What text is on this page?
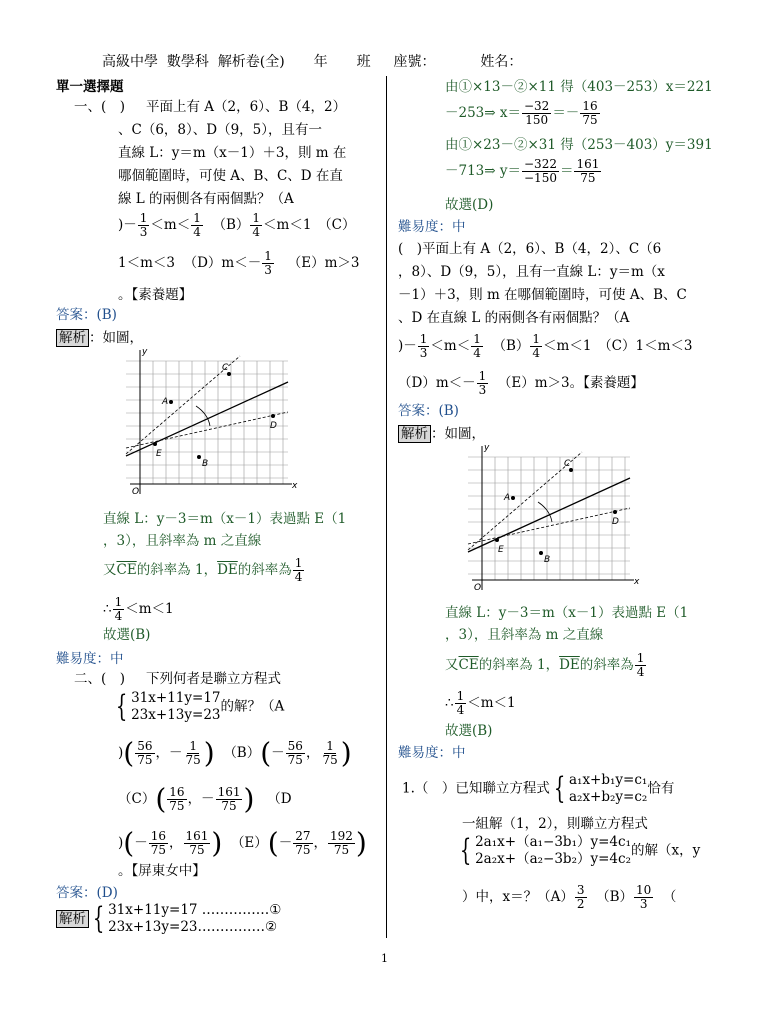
高級中學 數學科 解析卷(全) 年 班 座號：	姓名：
單一選擇題
一、(　) 平面上有 A（2，6）、B（4，2）
、C（6，8）、D（9，5），且有一
直線 L：y＝m（x－1）＋3，則 m 在
哪個範圍時，可使 A、B、C、D 在直
線 L 的兩側各有兩個點？（A
)－ $\frac{1}{3} <m< \frac{1}{4} (B) \frac{1}{4} <m<1$　（C）
1＜m＜3 $(D)m<- \frac{1}{3} (E)m>3$
。【素養題】
答案：(B)
解析 ：如圖，
y
x
O
A
B
C
D
E
直線 L：y－3＝m（x－1）表過點 E（1
，3），且斜率為 m 之直線
又$\overline{CE}$的斜率為 1，$\overline{DE}$的斜率為 $\frac{1}{4}$
∴ $\frac{1}{4} <m<1$
故選(B)
難易度：中
二、(　) 下列何者是聯立方程式
{ 31x+11y=17
23x+13y=23的解？（A
)( $\frac{56}{75}$ ，－ $\frac{1}{75}$ ) $(B)(- \frac{56}{75}$ ， $\frac{1}{75}$ )
$(C)( \frac{16}{75}$ ，－ $\frac{161}{75}$ ) （D
)(－ $\frac{16}{75}$ ， $\frac{161}{75}$ ) $(E)(- \frac{27}{75}$ ， $\frac{192}{75}$ )
。【屏東女中】
答案：(D)
解析 { 31x+11y=17 ……………①
23x+13y=23……………②
由①×13－②×11 得（403－253）x＝221
－253⇒ $x= \frac{-32}{150} =- \frac{16}{75}$
由①×23－②×31 得（253－403）y＝391
－713⇒ $y= \frac{-322}{-150} = \frac{161}{75}$
故選(D)
難易度：中
(　)平面上有 A（2，6）、B（4，2）、C（6
，8）、D（9，5），且有一直線 L：y＝m（x
－1）＋3，則 m 在哪個範圍時，可使 A、B、C
、D 在直線 L 的兩側各有兩個點？（A
)－ $\frac{1}{3} <m< \frac{1}{4} (B) \frac{1}{4} <m<1$　（C）1＜m＜3
$(D)m<- \frac{1}{3} (E)m>3$。【素養題】
答案：(B)
解析 ：如圖，
y
x
O
A
B
C
D
E
直線 L：y－3＝m（x－1）表過點 E（1
，3），且斜率為 m 之直線
又$\overline{CE}$的斜率為 1，$\overline{DE}$的斜率為 $\frac{1}{4}$
∴ $\frac{1}{4} <m<1$
故選(B)
難易度：中
1.（　）已知聯立方程式 { a₁x+b₁y=c₁
a₂x+b₂y=c₂恰有
一組解（1，2），則聯立方程式
{ 2a₁x+（a₁−3b₁）y=4c₁
2a₂x+（a₂−3b₂）y=4c₂的解（x，y
）中，x＝？$(A) \frac{3}{2} (B) \frac{10}{3}$ （
1
